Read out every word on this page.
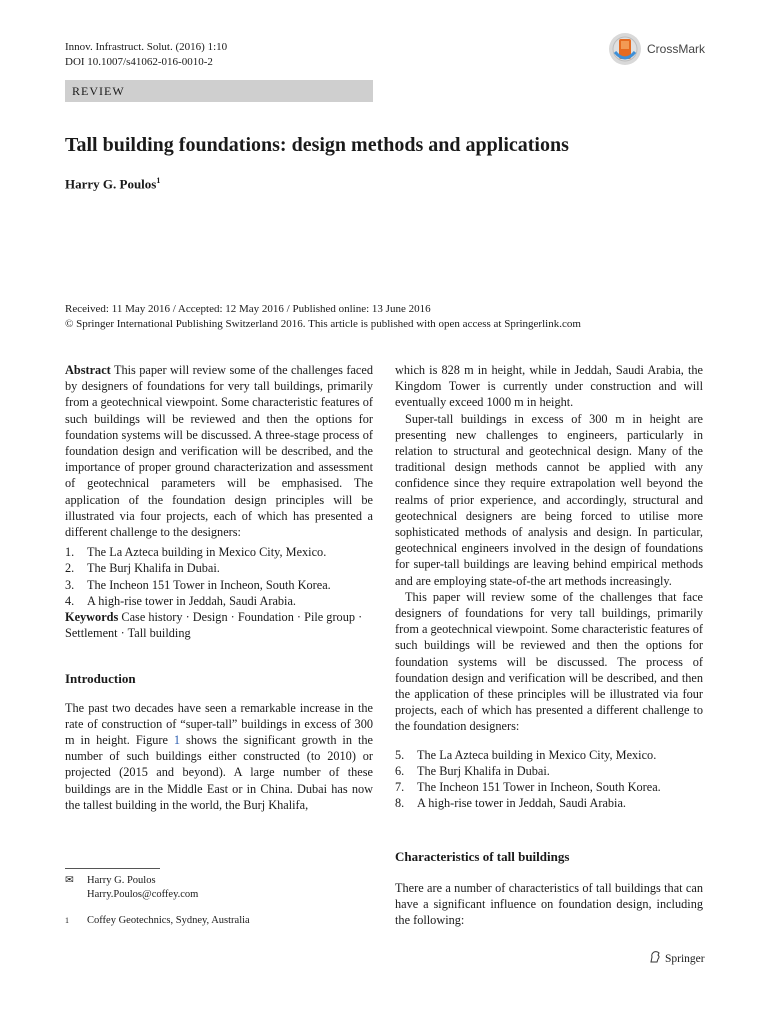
Innov. Infrastruct. Solut. (2016) 1:10
DOI 10.1007/s41062-016-0010-2
CrossMark
REVIEW
Tall building foundations: design methods and applications
Harry G. Poulos$^1$
Received: 11 May 2016 / Accepted: 12 May 2016 / Published online: 13 June 2016
© Springer International Publishing Switzerland 2016. This article is published with open access at Springerlink.com

Abstract This paper will review some of the challenges faced by designers of foundations for very tall buildings, primarily from a geotechnical viewpoint. Some characteristic features of such buildings will be reviewed and then the options for foundation systems will be discussed. A three-stage process of foundation design and verification will be described, and the importance of proper ground characterization and assessment of geotechnical parameters will be emphasised. The application of the foundation design principles will be illustrated via four projects, each of which has presented a different challenge to the designers:

1.	The La Azteca building in Mexico City, Mexico.
2.	The Burj Khalifa in Dubai.
3.	The Incheon 151 Tower in Incheon, South Korea.
4.	A high-rise tower in Jeddah, Saudi Arabia.

Keywords Case history · Design · Foundation · Pile group · Settlement · Tall building

Introduction

The past two decades have seen a remarkable increase in the rate of construction of “super-tall” buildings in excess of 300 m in height. Figure 1 shows the significant growth in the number of such buildings either constructed (to 2010) or projected (2015 and beyond). A large number of these buildings are in the Middle East or in China. Dubai has now the tallest building in the world, the Burj Khalifa,

which is 828 m in height, while in Jeddah, Saudi Arabia, the Kingdom Tower is currently under construction and will eventually exceed 1000 m in height.

Super-tall buildings in excess of 300 m in height are presenting new challenges to engineers, particularly in relation to structural and geotechnical design. Many of the traditional design methods cannot be applied with any confidence since they require extrapolation well beyond the realms of prior experience, and accordingly, structural and geotechnical designers are being forced to utilise more sophisticated methods of analysis and design. In particular, geotechnical engineers involved in the design of foundations for super-tall buildings are leaving behind empirical methods and are employing state-of-the art methods increasingly.

This paper will review some of the challenges that face designers of foundations for very tall buildings, primarily from a geotechnical viewpoint. Some characteristic features of such buildings will be reviewed and then the options for foundation systems will be discussed. The process of foundation design and verification will be described, and then the application of these principles will be illustrated via four projects, each of which has presented a different challenge to the foundation designers:

5.	The La Azteca building in Mexico City, Mexico.
6.	The Burj Khalifa in Dubai.
7.	The Incheon 151 Tower in Incheon, South Korea.
8.	A high-rise tower in Jeddah, Saudi Arabia.
Characteristics of tall buildings

There are a number of characteristics of tall buildings that can have a significant influence on foundation design, including the following:

✉	Harry G. Poulos
Harry.Poulos@coffey.com
1	Coffey Geotechnics, Sydney, Australia
Springer
